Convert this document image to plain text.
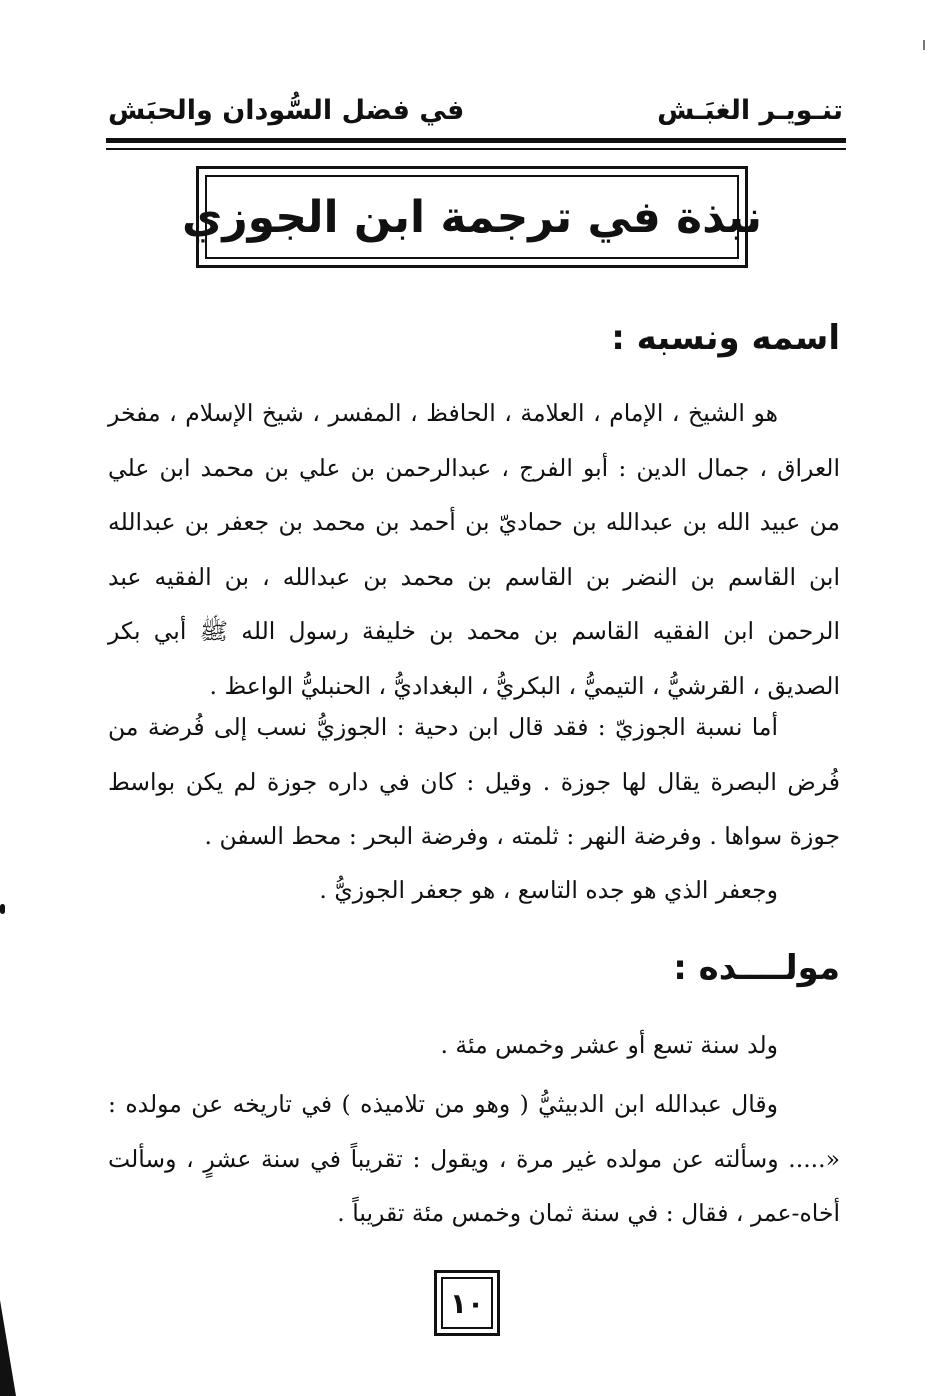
تنـويـر الغبَـش
في فضل السُّودان والحبَش
نبذة في ترجمة ابن الجوزي
اسمه ونسبه :

هو الشيخ ، الإمام ، العلامة ، الحافظ ، المفسر ، شيخ الإسلام ، مفخر العراق ، جمال الدين : أبو الفرج ، عبدالرحمن بن علي بن محمد ابن علي من عبيد الله بن عبدالله بن حماديّ بن أحمد بن محمد بن جعفر بن عبدالله ابن القاسم بن النضر بن القاسم بن محمد بن عبدالله ، بن الفقيه عبد الرحمن ابن الفقيه القاسم بن محمد بن خليفة رسول الله ﷺ أبي بكر الصديق ، القرشيُّ ، التيميُّ ، البكريُّ ، البغداديُّ ، الحنبليُّ الواعظ .

أما نسبة الجوزيّ : فقد قال ابن دحية : الجوزيُّ نسب إلى فُرضة من فُرض البصرة يقال لها جوزة . وقيل : كان في داره جوزة لم يكن بواسط جوزة سواها . وفرضة النهر : ثلمته ، وفرضة البحر : محط السفن .

وجعفر الذي هو جده التاسع ، هو جعفر الجوزيُّ .

مولــــده :

ولد سنة تسع أو عشر وخمس مئة .

وقال عبدالله ابن الدبيثيُّ ( وهو من تلاميذه ) في تاريخه عن مولده : «..... وسألته عن مولده غير مرة ، ويقول : تقريباً في سنة عشرٍ ، وسألت أخاه-عمر ، فقال : في سنة ثمان وخمس مئة تقريباً .

١٠
